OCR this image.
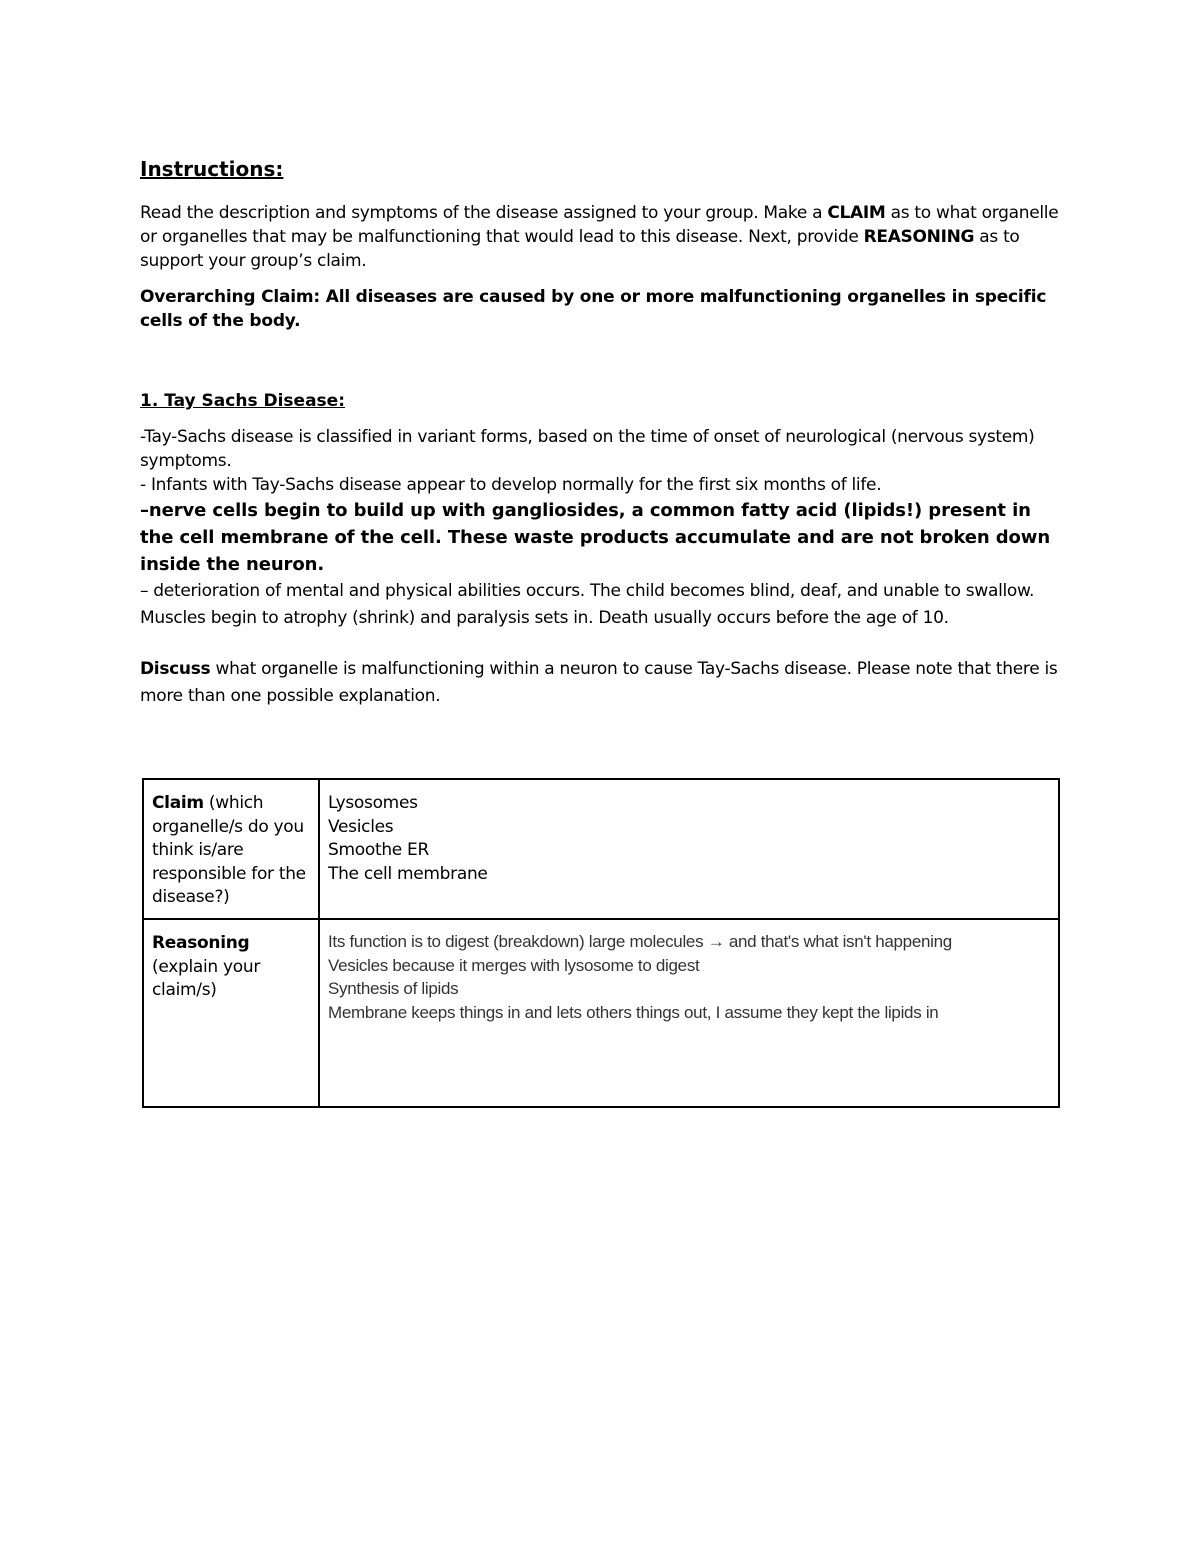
Instructions:

Read the description and symptoms of the disease assigned to your group. Make a CLAIM as to what organelle or organelles that may be malfunctioning that would lead to this disease. Next, provide REASONING as to support your group’s claim.

Overarching Claim: All diseases are caused by one or more malfunctioning organelles in specific cells of the body.

1. Tay Sachs Disease:
-Tay-Sachs disease is classified in variant forms, based on the time of onset of neurological (nervous system) symptoms.
- Infants with Tay-Sachs disease appear to develop normally for the first six months of life.
–nerve cells begin to build up with gangliosides, a common fatty acid (lipids!) present in the cell membrane of the cell. These waste products accumulate and are not broken down inside the neuron.
– deterioration of mental and physical abilities occurs. The child becomes blind, deaf, and unable to swallow. Muscles begin to atrophy (shrink) and paralysis sets in. Death usually occurs before the age of 10.

Discuss what organelle is malfunctioning within a neuron to cause Tay-Sachs disease. Please note that there is more than one possible explanation.

Claim (which organelle/s do you think is/are responsible for the disease?)	Lysosomes
Vesicles
Smoothe ER
The cell membrane

Reasoning (explain your claim/s)	Its function is to digest (breakdown) large molecules → and that's what isn't happening
Vesicles because it merges with lysosome to digest
Synthesis of lipids
Membrane keeps things in and lets others things out, I assume they kept the lipids in
